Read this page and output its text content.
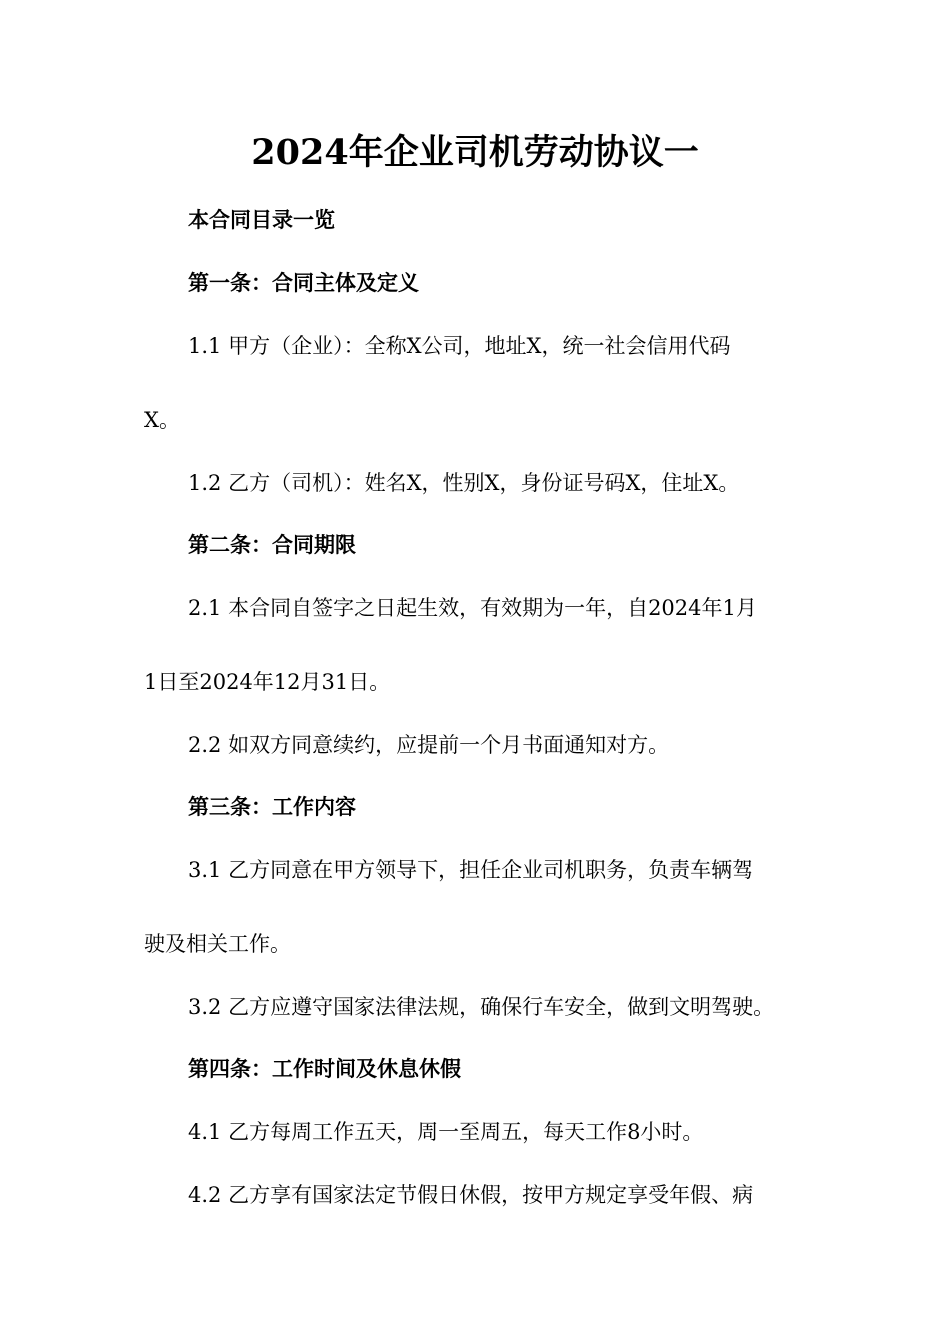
2024年企业司机劳动协议一
本合同目录一览
第一条：合同主体及定义
1.1 甲方（企业）：全称X公司，地址X，统一社会信用代码
X。
1.2 乙方（司机）：姓名X，性别X，身份证号码X，住址X。
第二条：合同期限
2.1 本合同自签字之日起生效，有效期为一年，自2024年1月
1日至2024年12月31日。
2.2 如双方同意续约，应提前一个月书面通知对方。
第三条：工作内容
3.1 乙方同意在甲方领导下，担任企业司机职务，负责车辆驾
驶及相关工作。
3.2 乙方应遵守国家法律法规，确保行车安全，做到文明驾驶。
第四条：工作时间及休息休假
4.1 乙方每周工作五天，周一至周五，每天工作8小时。
4.2 乙方享有国家法定节假日休假，按甲方规定享受年假、病
